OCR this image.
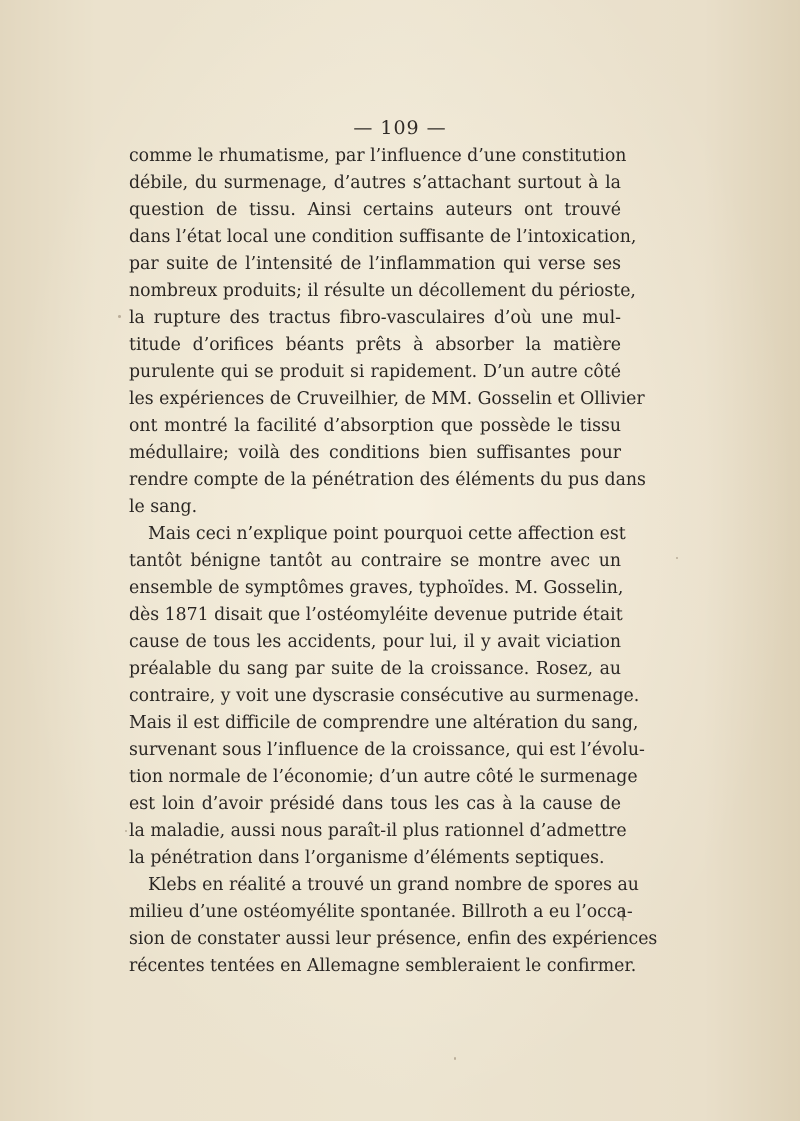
— 109 —
comme le rhumatisme, par l’influence d’une constitution
débile, du surmenage, d’autres s’attachant surtout à la
question de tissu. Ainsi certains auteurs ont trouvé
dans l’état local une condition suffisante de l’intoxication,
par suite de l’intensité de l’inflammation qui verse ses
nombreux produits; il résulte un décollement du périoste,
la rupture des tractus fibro-vasculaires d’où une mul-
titude d’orifices béants prêts à absorber la matière
purulente qui se produit si rapidement. D’un autre côté
les expériences de Cruveilhier, de MM. Gosselin et Ollivier
ont montré la facilité d’absorption que possède le tissu
médullaire; voilà des conditions bien suffisantes pour
rendre compte de la pénétration des éléments du pus dans
le sang.
Mais ceci n’explique point pourquoi cette affection est
tantôt bénigne tantôt au contraire se montre avec un
ensemble de symptômes graves, typhoïdes. M. Gosselin,
dès 1871 disait que l’ostéomyléite devenue putride était
cause de tous les accidents, pour lui, il y avait viciation
préalable du sang par suite de la croissance. Rosez, au
contraire, y voit une dyscrasie consécutive au surmenage.
Mais il est difficile de comprendre une altération du sang,
survenant sous l’influence de la croissance, qui est l’évolu-
tion normale de l’économie; d’un autre côté le surmenage
est loin d’avoir présidé dans tous les cas à la cause de
la maladie, aussi nous paraît-il plus rationnel d’admettre
la pénétration dans l’organisme d’éléments septiques.
Klebs en réalité a trouvé un grand nombre de spores au
milieu d’une ostéomyélite spontanée. Billroth a eu l’occa-
sion de constater aussi leur présence, enfin des expériences
récentes tentées en Allemagne sembleraient le confirmer.
